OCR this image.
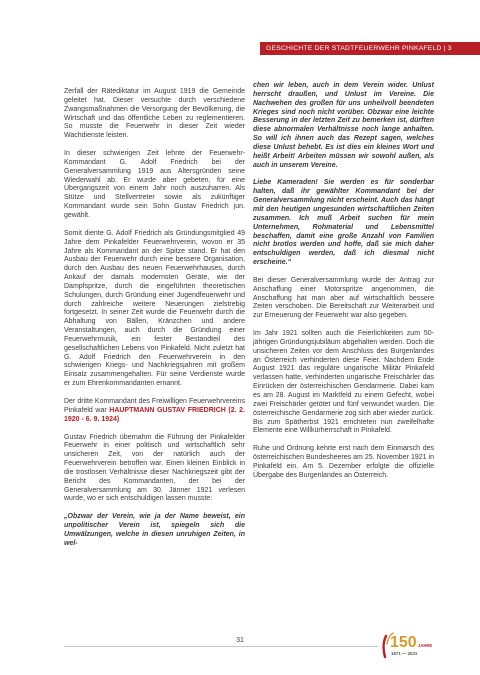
GESCHICHTE DER STADTFEUERWEHR PINKAFELD | 3

Zerfall der Rätediktatur im August 1919 die Gemeinde geleitet hat. Dieser versuchte durch verschiedene Zwangsmaßnahmen die Versorgung der Bevölkerung, die Wirtschaft und das öffentliche Leben zu reglementieren. So musste die Feuerwehr in dieser Zeit wieder Wachdienste leisten.

In dieser schwierigen Zeit lehnte der Feuerwehr-Kommandant G. Adolf Friedrich bei der Generalversammlung 1919 aus Altersgründen seine Wiederwahl ab. Er wurde aber gebeten, für eine Übergangszeit von einem Jahr noch auszuharren. Als Stütze und Stellvertreter sowie als zukünftiger Kommandant wurde sein Sohn Gustav Friedrich jun. gewählt.

Somit diente G. Adolf Friedrich als Gründungsmitglied 49 Jahre dem Pinkafelder Feuerwehrverein, wovon er 35 Jahre als Kommandant an der Spitze stand. Er hat den Ausbau der Feuerwehr durch eine bessere Organisation, durch den Ausbau des neuen Feuerwehrhauses, durch Ankauf der damals modernsten Geräte, wie der Dampfspritze, durch die eingeführten theoretischen Schulungen, durch Gründung einer Jugendfeuerwehr und durch zahlreiche weitere Neuerungen zielstrebig fortgesetzt. In seiner Zeit wurde die Feuerwehr durch die Abhaltung von Bällen, Kränzchen und andere Veranstaltungen, auch durch die Gründung einer Feuerwehrmusik, ein fester Bestandteil des gesellschaftlichen Lebens von Pinkafeld. Nicht zuletzt hat G. Adolf Friedrich den Feuerwehrverein in den schwierigen Kriegs- und Nachkriegsjahren mit großem Einsatz zusammengehalten. Für seine Verdienste wurde er zum Ehrenkommandanten ernannt.

Der dritte Kommandant des Freiwilligen Feuerwehrvereins Pinkafeld war HAUPTMANN GUSTAV FRIEDRICH (2. 2. 1920 - 6. 9. 1924)

Gustav Friedrich übernahm die Führung der Pinkafelder Feuerwehr in einer politisch und wirtschaftlich sehr unsicheren Zeit, von der natürlich auch der Feuerwehrverein betroffen war. Einen kleinen Einblick in die trostlosen Verhältnisse dieser Nachkriegszeit gibt der Bericht des Kommandanten, der bei der Generalversammlung am 30. Jänner 1921 verlesen wurde, wo er sich entschuldigen lassen musste:

„Obzwar der Verein, wie ja der Name beweist, ein unpolitischer Verein ist, spiegeln sich die Umwälzungen, welche in diesen unruhigen Zeiten, in wel-

chen wir leben, auch in dem Verein wider. Unlust herrscht draußen, und Unlust im Vereine. Die Nachwehen des großen für uns unheilvoll beendeten Krieges sind noch nicht vorüber. Obzwar eine leichte Besserung in der letzten Zeit zu bemerken ist, dürften diese abnormalen Verhältnisse noch lange anhalten. So will ich ihnen auch das Rezept sagen, welches diese Unlust behebt. Es ist dies ein kleines Wort und heißt Arbeit! Arbeiten müssen wir sowohl außen, als auch in unserem Vereine.

Liebe Kameraden! Sie werden es für sonderbar halten, daß ihr gewählter Kommandant bei der Generalversammlung nicht erscheint. Auch das hängt mit den heutigen ungesunden wirtschaftlichen Zeiten zusammen. Ich muß Arbeit suchen für mein Unternehmen, Rohmaterial und Lebensmittel beschaffen, damit eine große Anzahl von Familien nicht brotlos werden und hoffe, daß sie mich daher entschuldigen werden, daß ich diesmal nicht erscheine.“

Bei dieser Generalversammlung wurde der Antrag zur Anschaffung einer Motorspritze angenommen, die Anschaffung hat man aber auf wirtschaftlich bessere Zeiten verschoben. Die Bereitschaft zur Weiterarbeit und zur Erneuerung der Feuerwehr war also gegeben.

Im Jahr 1921 sollten auch die Feierlichkeiten zum 50-jährigen Gründungsjubiläum abgehalten werden. Doch die unsicheren Zeiten vor dem Anschluss des Burgenlandes an Österreich verhinderten diese Feier. Nachdem Ende August 1921 das reguläre ungarische Militär Pinkafeld verlassen hatte, verhinderten ungarische Freischärler das Einrücken der österreichischen Gendarmerie. Dabei kam es am 28. August im Marktfeld zu einem Gefecht, wobei zwei Freischärler getötet und fünf verwundet wurden. Die österreichische Gendarmerie zog sich aber wieder zurück. Bis zum Spätherbst 1921 errichteten nun zweifelhafte Elemente eine Willkürherrschaft in Pinkafeld.

Ruhe und Ordnung kehrte erst nach dem Einmarsch des österreichischen Bundesheeres am 25. November 1921 in Pinkafeld ein. Am 5. Dezember erfolgte die offizielle Übergabe des Burgenlandes an Österreich.

31	150 JAHRE
1871 — 2021
